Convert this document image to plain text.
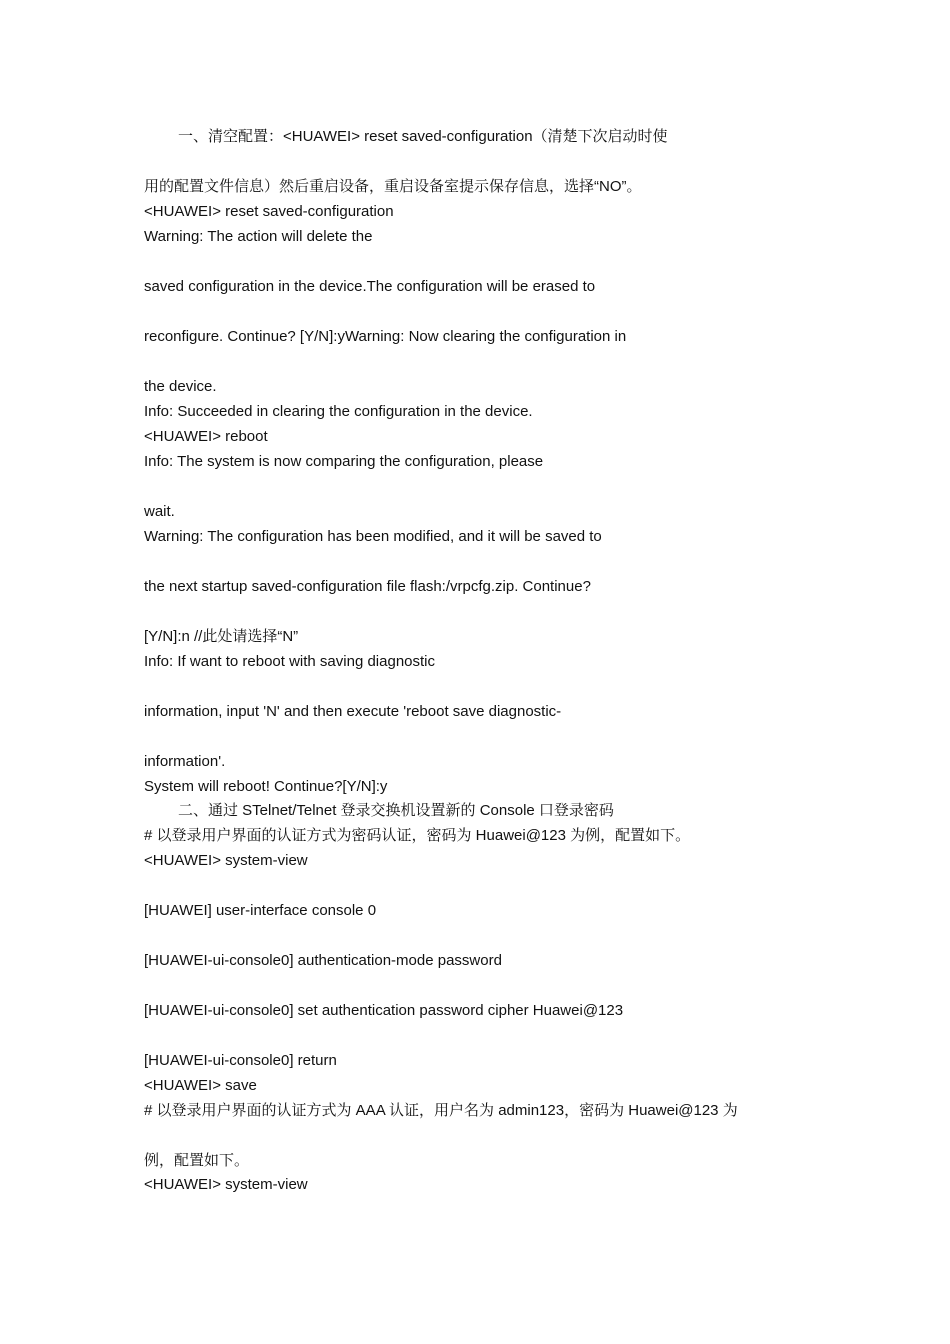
一、清空配置：<HUAWEI> reset saved-configuration（清楚下次启动时使
用的配置文件信息）然后重启设备，重启设备室提示保存信息，选择“NO”。
<HUAWEI> reset saved-configuration
Warning: The action will delete the
saved configuration in the device.The configuration will be erased to
reconfigure. Continue? [Y/N]:yWarning: Now clearing the configuration in
the device.
Info: Succeeded in clearing the configuration in the device.
<HUAWEI> reboot
Info: The system is now comparing the configuration, please
wait.
Warning: The configuration has been modified, and it will be saved to
the next startup saved-configuration file flash:/vrpcfg.zip. Continue?
[Y/N]:n //此处请选择“N”
Info: If want to reboot with saving diagnostic
information, input 'N' and then execute 'reboot save diagnostic-
information'.
System will reboot! Continue?[Y/N]:y
二、通过 STelnet/Telnet 登录交换机设置新的 Console 口登录密码
# 以登录用户界面的认证方式为密码认证，密码为 Huawei@123 为例，配置如下。
<HUAWEI> system-view
[HUAWEI] user-interface console 0
[HUAWEI-ui-console0] authentication-mode password
[HUAWEI-ui-console0] set authentication password cipher Huawei@123
[HUAWEI-ui-console0] return
<HUAWEI> save
# 以登录用户界面的认证方式为 AAA 认证，用户名为 admin123，密码为 Huawei@123 为
例，配置如下。
<HUAWEI> system-view
